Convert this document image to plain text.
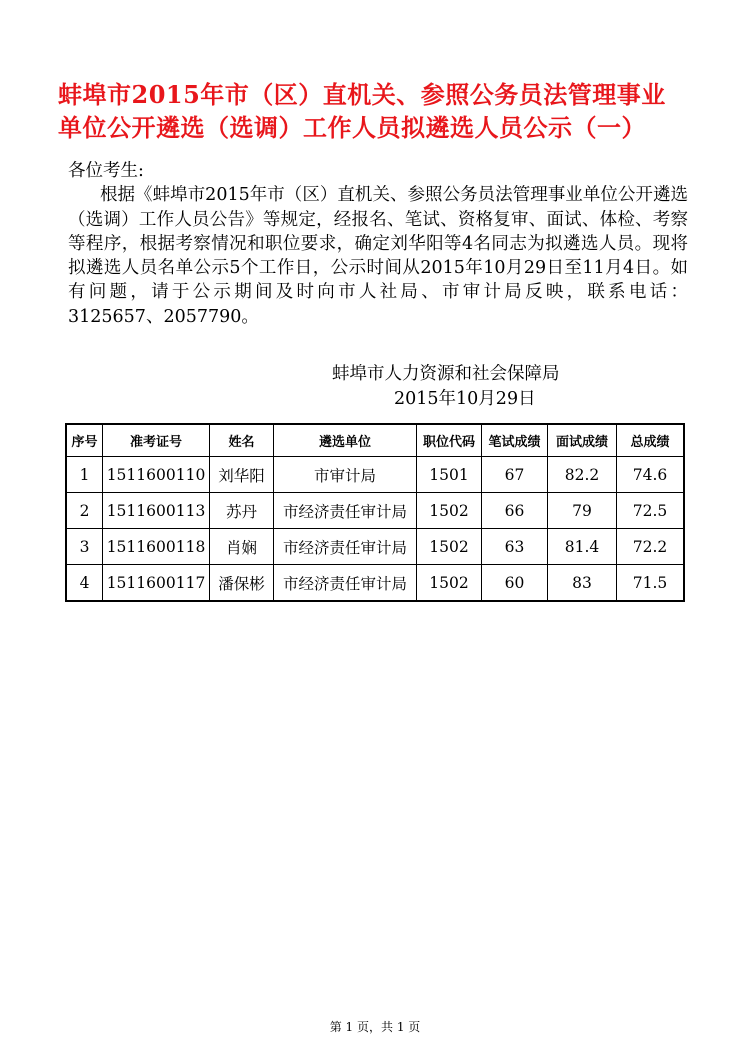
蚌埠市2015年市（区）直机关、参照公务员法管理事业
单位公开遴选（选调）工作人员拟遴选人员公示（一）

各位考生:

根据《蚌埠市2015年市（区）直机关、参照公务员法管理事业单位公开遴选（选调）工作人员公告》等规定，经报名、笔试、资格复审、面试、体检、考察等程序，根据考察情况和职位要求，确定刘华阳等4名同志为拟遴选人员。现将拟遴选人员名单公示5个工作日，公示时间从2015年10月29日至11月4日。如有问题，请于公示期间及时向市人社局、市审计局反映，联系电话：3125657、2057790。

蚌埠市人力资源和社会保障局
2015年10月29日
序号	准考证号	姓名	遴选单位	职位代码	笔试成绩	面试成绩	总成绩
1	1511600110	刘华阳	市审计局	1501	67	82.2	74.6
2	1511600113	苏丹	市经济责任审计局	1502	66	79	72.5
3	1511600118	肖娴	市经济责任审计局	1502	63	81.4	72.2
4	1511600117	潘保彬	市经济责任审计局	1502	60	83	71.5
第 1 页，共 1 页
